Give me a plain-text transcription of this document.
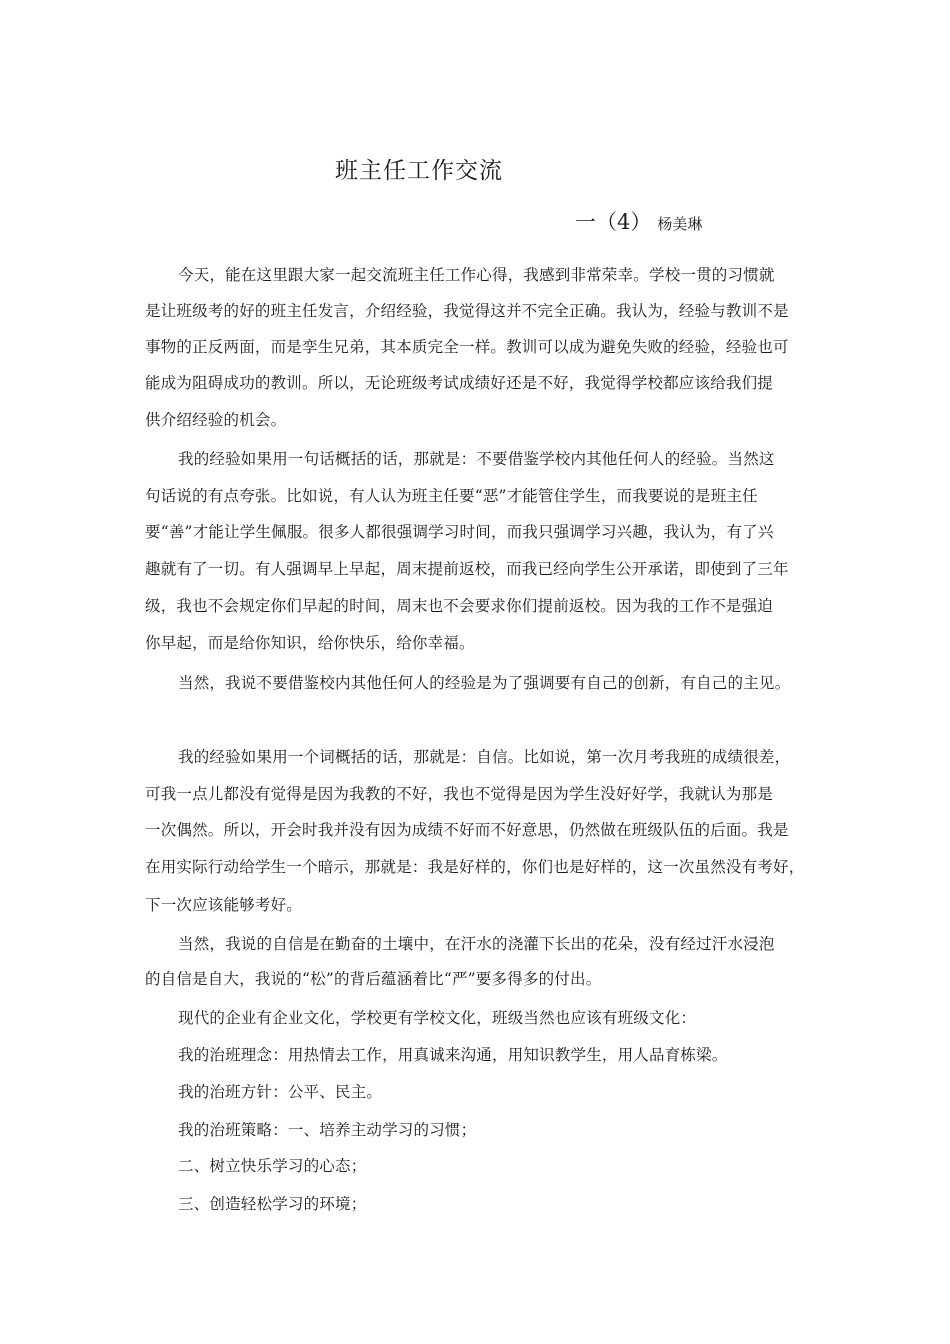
班主任工作交流
一（4） 杨美琳
今天，能在这里跟大家一起交流班主任工作心得，我感到非常荣幸。学校一贯的习惯就
是让班级考的好的班主任发言，介绍经验，我觉得这并不完全正确。我认为，经验与教训不是
事物的正反两面，而是孪生兄弟，其本质完全一样。教训可以成为避免失败的经验，经验也可
能成为阻碍成功的教训。所以，无论班级考试成绩好还是不好，我觉得学校都应该给我们提
供介绍经验的机会。
我的经验如果用一句话概括的话，那就是：不要借鉴学校内其他任何人的经验。当然这
句话说的有点夸张。比如说，有人认为班主任要“恶”才能管住学生，而我要说的是班主任
要“善”才能让学生佩服。很多人都很强调学习时间，而我只强调学习兴趣，我认为，有了兴
趣就有了一切。有人强调早上早起，周末提前返校，而我已经向学生公开承诺，即使到了三年
级，我也不会规定你们早起的时间，周末也不会要求你们提前返校。因为我的工作不是强迫
你早起，而是给你知识，给你快乐，给你幸福。
当然，我说不要借鉴校内其他任何人的经验是为了强调要有自己的创新，有自己的主见。
我的经验如果用一个词概括的话，那就是：自信。比如说，第一次月考我班的成绩很差，
可我一点儿都没有觉得是因为我教的不好，我也不觉得是因为学生没好好学，我就认为那是
一次偶然。所以，开会时我并没有因为成绩不好而不好意思，仍然做在班级队伍的后面。我是
在用实际行动给学生一个暗示，那就是：我是好样的，你们也是好样的，这一次虽然没有考好，
下一次应该能够考好。
当然，我说的自信是在勤奋的土壤中，在汗水的浇灌下长出的花朵，没有经过汗水浸泡
的自信是自大，我说的“松”的背后蕴涵着比“严”要多得多的付出。
现代的企业有企业文化，学校更有学校文化，班级当然也应该有班级文化：
我的治班理念：用热情去工作，用真诚来沟通，用知识教学生，用人品育栋梁。
我的治班方针：公平、民主。
我的治班策略：一、培养主动学习的习惯；
二、树立快乐学习的心态；
三、创造轻松学习的环境；
